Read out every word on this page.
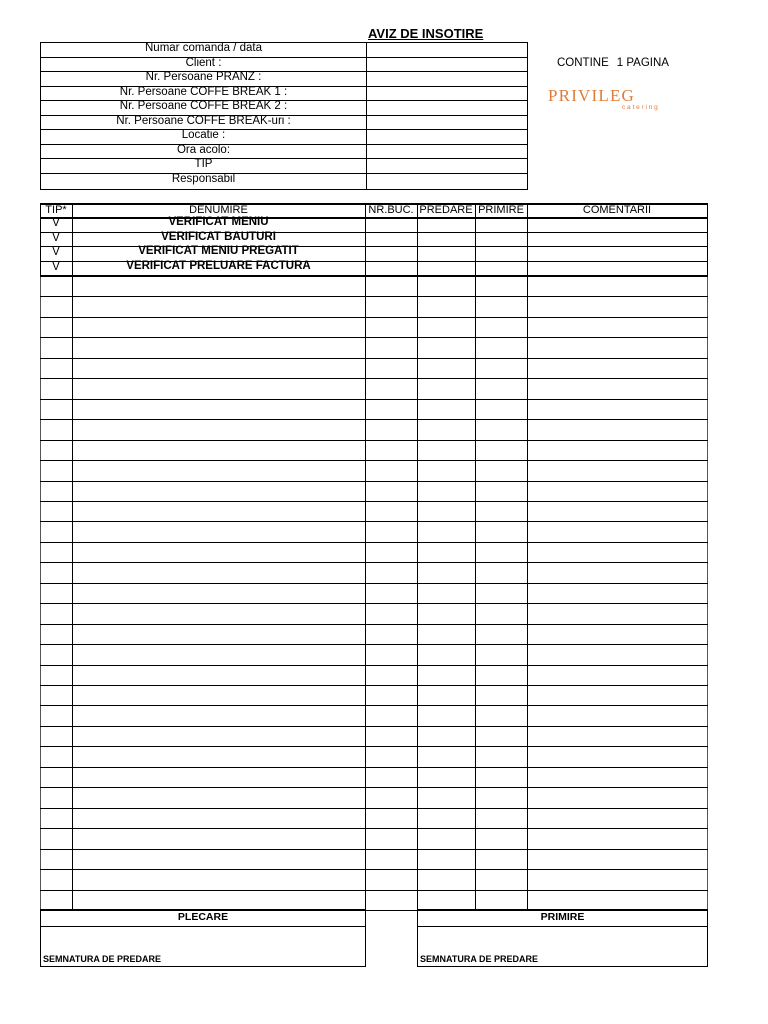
AVIZ DE INSOTIRE
CONTINE 1 PAGINA
PRIVILEG
c a t e r i n g
Numar comanda / data
Client :
Nr. Persoane PRANZ :
Nr. Persoane COFFE BREAK 1 :
Nr. Persoane COFFE BREAK 2 :
Nr. Persoane COFFE BREAK-uri :
Locatie :
Ora acolo:
TIP
Responsabil
TIP*	DENUMIRE	NR.BUC. PREDARE PRIMIRE	COMENTARII
V	VERIFICAT MENIU
V	VERIFICAT BAUTURI
V	VERIFICAT MENIU PREGATIT
V	VERIFICAT PRELUARE FACTURA
PLECARE
SEMNATURA DE PREDARE
PRIMIRE
SEMNATURA DE PREDARE
